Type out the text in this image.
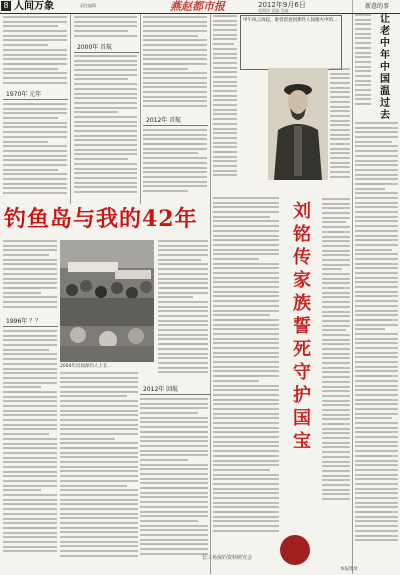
8 人间万象	责任编辑	燕赵都市报	2012年9月6日
星期四 责编 美编
新意的事
1970年 元年
2000年 首航
2012年 首航
钓鱼岛与我的42年
1996年 ？？
2004年民间保钓人士在...
2012年 回航
甲午风云再起，谁曾留意到那些人间烟火中的...
刘
铭
传
家
族
誓
死
守
护
国
宝
长三角保钓资料研究会
本报地址
让
老
中
年
中
国
温
过
去
